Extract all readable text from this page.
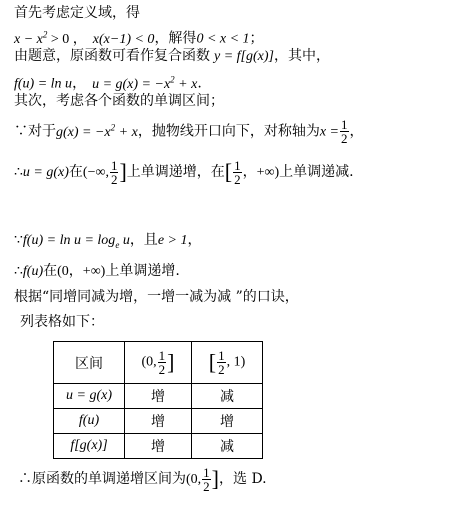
首先考虑定义域，得
$x - x^2 > 0$ ， x(x−1) < 0，解得0 < x < 1；
由题意，原函数可看作复合函数 y = f[g(x)]，其中，
f(u) = ln u， $u = g(x) = -x^2 + x$.
其次，考虑各个函数的单调区间；
∵对于$g(x) = -x^2 + x$，抛物线开口向下，对称轴为$x = \frac{1}{2}$ ，
∴u = g(x)在(−∞, $\frac{1}{2}$ ]上单调递增，在[ $\frac{1}{2}$ ，+∞)上单调递减.
∵f(u) = $\ln u = \log_e u$，且e > 1，
∴f(u)在(0，+∞)上单调递增.
根据“同增同减为增，一增一减为减 ”的口诀，
列表格如下：
区间	(0, $\frac{1}{2}$ ]	[ $\frac{1}{2}$ , 1)
u = g(x)	增	减
f(u)	增	增
f[g(x)]	增	减
∴原函数的单调递增区间为(0, $\frac{1}{2}$ ]，选 D.
